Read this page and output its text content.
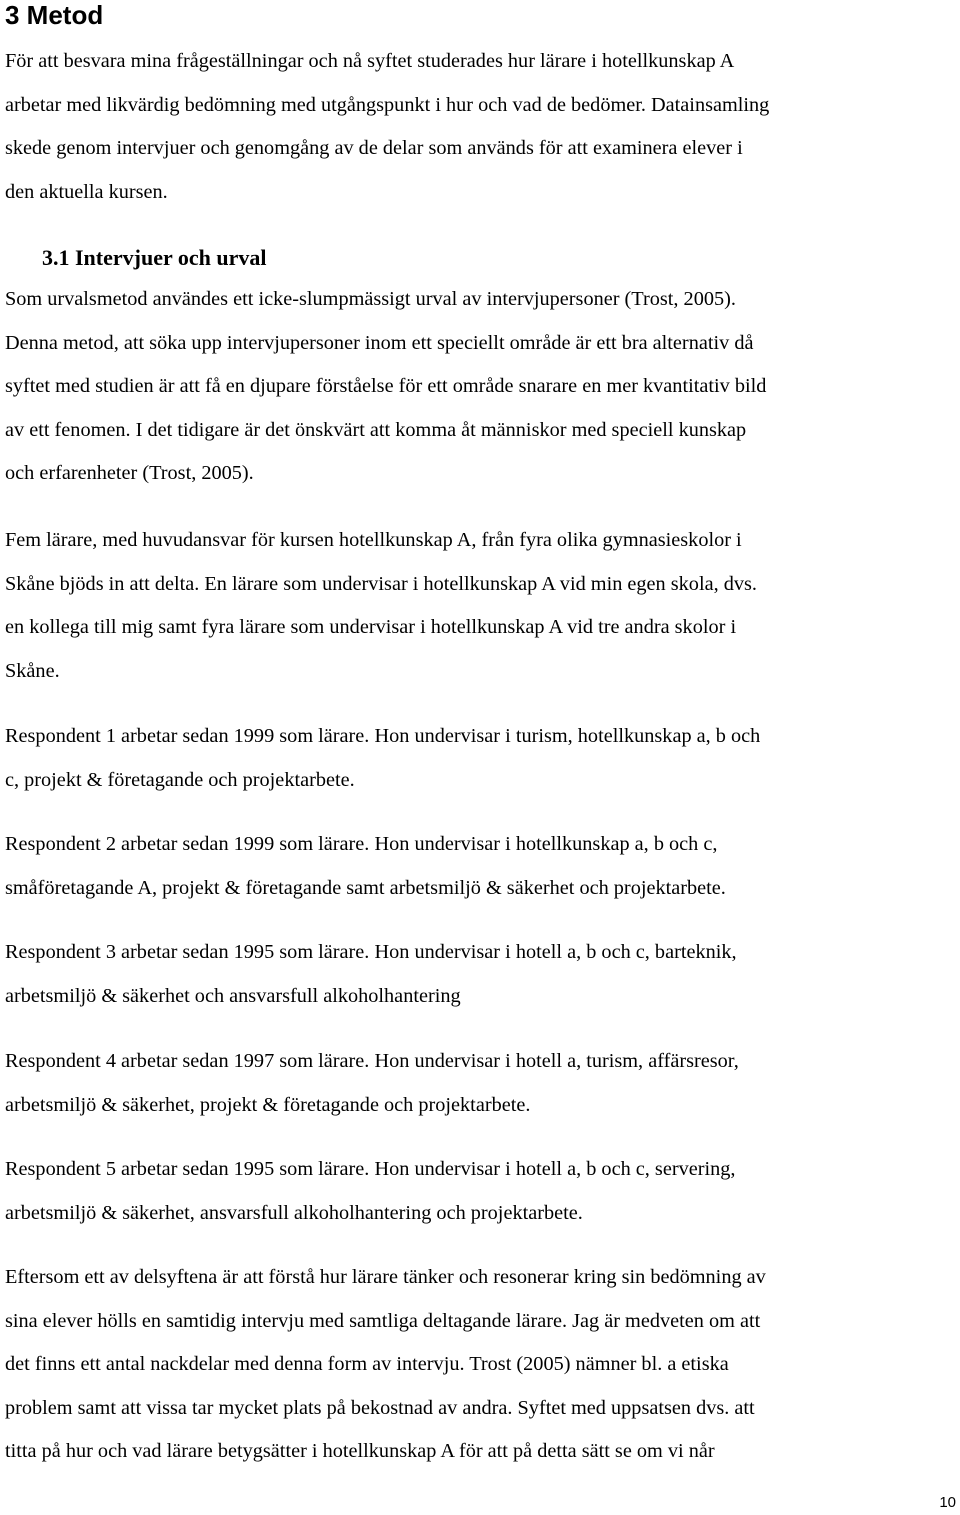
3 Metod

För att besvara mina frågeställningar och nå syftet studerades hur lärare i hotellkunskap A
arbetar med likvärdig bedömning med utgångspunkt i hur och vad de bedömer. Datainsamling
skede genom intervjuer och genomgång av de delar som används för att examinera elever i
den aktuella kursen.

3.1 Intervjuer och urval

Som urvalsmetod användes ett icke-slumpmässigt urval av intervjupersoner (Trost, 2005).
Denna metod, att söka upp intervjupersoner inom ett speciellt område är ett bra alternativ då
syftet med studien är att få en djupare förståelse för ett område snarare en mer kvantitativ bild
av ett fenomen. I det tidigare är det önskvärt att komma åt människor med speciell kunskap
och erfarenheter (Trost, 2005).

Fem lärare, med huvudansvar för kursen hotellkunskap A, från fyra olika gymnasieskolor i
Skåne bjöds in att delta. En lärare som undervisar i hotellkunskap A vid min egen skola, dvs.
en kollega till mig samt fyra lärare som undervisar i hotellkunskap A vid tre andra skolor i
Skåne.

Respondent 1 arbetar sedan 1999 som lärare. Hon undervisar i turism, hotellkunskap a, b och
c, projekt & företagande och projektarbete.

Respondent 2 arbetar sedan 1999 som lärare. Hon undervisar i hotellkunskap a, b och c,
småföretagande A, projekt & företagande samt arbetsmiljö & säkerhet och projektarbete.

Respondent 3 arbetar sedan 1995 som lärare. Hon undervisar i hotell a, b och c, barteknik,
arbetsmiljö & säkerhet och ansvarsfull alkoholhantering

Respondent 4 arbetar sedan 1997 som lärare. Hon undervisar i hotell a, turism, affärsresor,
arbetsmiljö & säkerhet, projekt & företagande och projektarbete.

Respondent 5 arbetar sedan 1995 som lärare. Hon undervisar i hotell a, b och c, servering,
arbetsmiljö & säkerhet, ansvarsfull alkoholhantering och projektarbete.

Eftersom ett av delsyftena är att förstå hur lärare tänker och resonerar kring sin bedömning av
sina elever hölls en samtidig intervju med samtliga deltagande lärare. Jag är medveten om att
det finns ett antal nackdelar med denna form av intervju. Trost (2005) nämner bl. a etiska
problem samt att vissa tar mycket plats på bekostnad av andra. Syftet med uppsatsen dvs. att
titta på hur och vad lärare betygsätter i hotellkunskap A för att på detta sätt se om vi når

10
